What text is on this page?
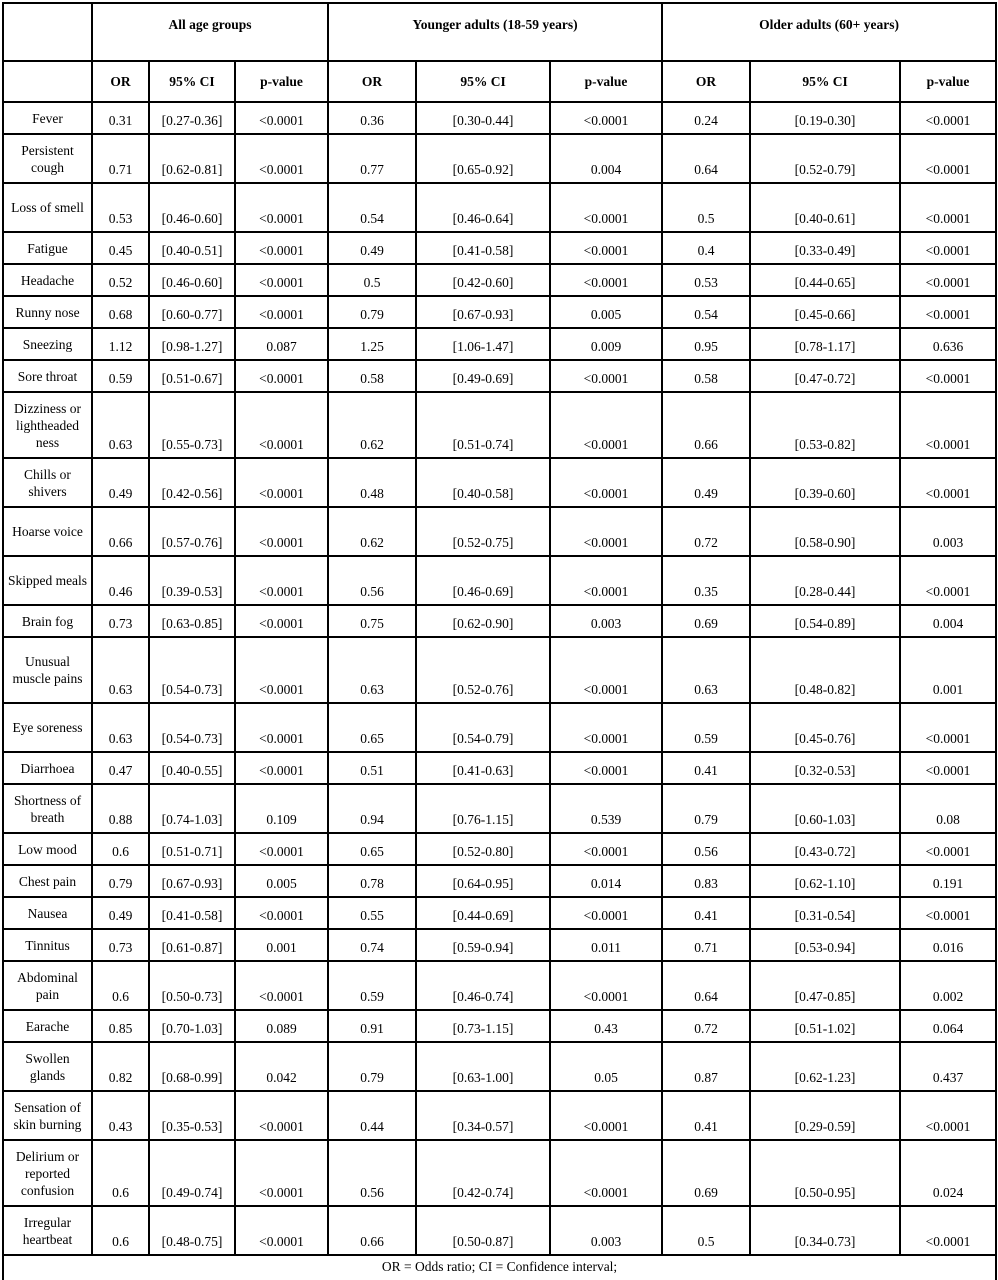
	All age groups			Younger adults (18-59 years)			Older adults (60+ years)		
	OR	95% CI	p-value	OR	95% CI	p-value	OR	95% CI	p-value
Fever	0.31	[0.27-0.36]	<0.0001	0.36	[0.30-0.44]	<0.0001	0.24	[0.19-0.30]	<0.0001
Persistent cough	0.71	[0.62-0.81]	<0.0001	0.77	[0.65-0.92]	0.004	0.64	[0.52-0.79]	<0.0001
Loss of smell	0.53	[0.46-0.60]	<0.0001	0.54	[0.46-0.64]	<0.0001	0.5	[0.40-0.61]	<0.0001
Fatigue	0.45	[0.40-0.51]	<0.0001	0.49	[0.41-0.58]	<0.0001	0.4	[0.33-0.49]	<0.0001
Headache	0.52	[0.46-0.60]	<0.0001	0.5	[0.42-0.60]	<0.0001	0.53	[0.44-0.65]	<0.0001
Runny nose	0.68	[0.60-0.77]	<0.0001	0.79	[0.67-0.93]	0.005	0.54	[0.45-0.66]	<0.0001
Sneezing	1.12	[0.98-1.27]	0.087	1.25	[1.06-1.47]	0.009	0.95	[0.78-1.17]	0.636
Sore throat	0.59	[0.51-0.67]	<0.0001	0.58	[0.49-0.69]	<0.0001	0.58	[0.47-0.72]	<0.0001
Dizziness or lightheaded ness	0.63	[0.55-0.73]	<0.0001	0.62	[0.51-0.74]	<0.0001	0.66	[0.53-0.82]	<0.0001
Chills or shivers	0.49	[0.42-0.56]	<0.0001	0.48	[0.40-0.58]	<0.0001	0.49	[0.39-0.60]	<0.0001
Hoarse voice	0.66	[0.57-0.76]	<0.0001	0.62	[0.52-0.75]	<0.0001	0.72	[0.58-0.90]	0.003
Skipped meals	0.46	[0.39-0.53]	<0.0001	0.56	[0.46-0.69]	<0.0001	0.35	[0.28-0.44]	<0.0001
Brain fog	0.73	[0.63-0.85]	<0.0001	0.75	[0.62-0.90]	0.003	0.69	[0.54-0.89]	0.004
Unusual muscle pains	0.63	[0.54-0.73]	<0.0001	0.63	[0.52-0.76]	<0.0001	0.63	[0.48-0.82]	0.001
Eye soreness	0.63	[0.54-0.73]	<0.0001	0.65	[0.54-0.79]	<0.0001	0.59	[0.45-0.76]	<0.0001
Diarrhoea	0.47	[0.40-0.55]	<0.0001	0.51	[0.41-0.63]	<0.0001	0.41	[0.32-0.53]	<0.0001
Shortness of breath	0.88	[0.74-1.03]	0.109	0.94	[0.76-1.15]	0.539	0.79	[0.60-1.03]	0.08
Low mood	0.6	[0.51-0.71]	<0.0001	0.65	[0.52-0.80]	<0.0001	0.56	[0.43-0.72]	<0.0001
Chest pain	0.79	[0.67-0.93]	0.005	0.78	[0.64-0.95]	0.014	0.83	[0.62-1.10]	0.191
Nausea	0.49	[0.41-0.58]	<0.0001	0.55	[0.44-0.69]	<0.0001	0.41	[0.31-0.54]	<0.0001
Tinnitus	0.73	[0.61-0.87]	0.001	0.74	[0.59-0.94]	0.011	0.71	[0.53-0.94]	0.016
Abdominal pain	0.6	[0.50-0.73]	<0.0001	0.59	[0.46-0.74]	<0.0001	0.64	[0.47-0.85]	0.002
Earache	0.85	[0.70-1.03]	0.089	0.91	[0.73-1.15]	0.43	0.72	[0.51-1.02]	0.064
Swollen glands	0.82	[0.68-0.99]	0.042	0.79	[0.63-1.00]	0.05	0.87	[0.62-1.23]	0.437
Sensation of skin burning	0.43	[0.35-0.53]	<0.0001	0.44	[0.34-0.57]	<0.0001	0.41	[0.29-0.59]	<0.0001
Delirium or reported confusion	0.6	[0.49-0.74]	<0.0001	0.56	[0.42-0.74]	<0.0001	0.69	[0.50-0.95]	0.024
Irregular heartbeat	0.6	[0.48-0.75]	<0.0001	0.66	[0.50-0.87]	0.003	0.5	[0.34-0.73]	<0.0001
OR = Odds ratio; CI = Confidence interval;									
